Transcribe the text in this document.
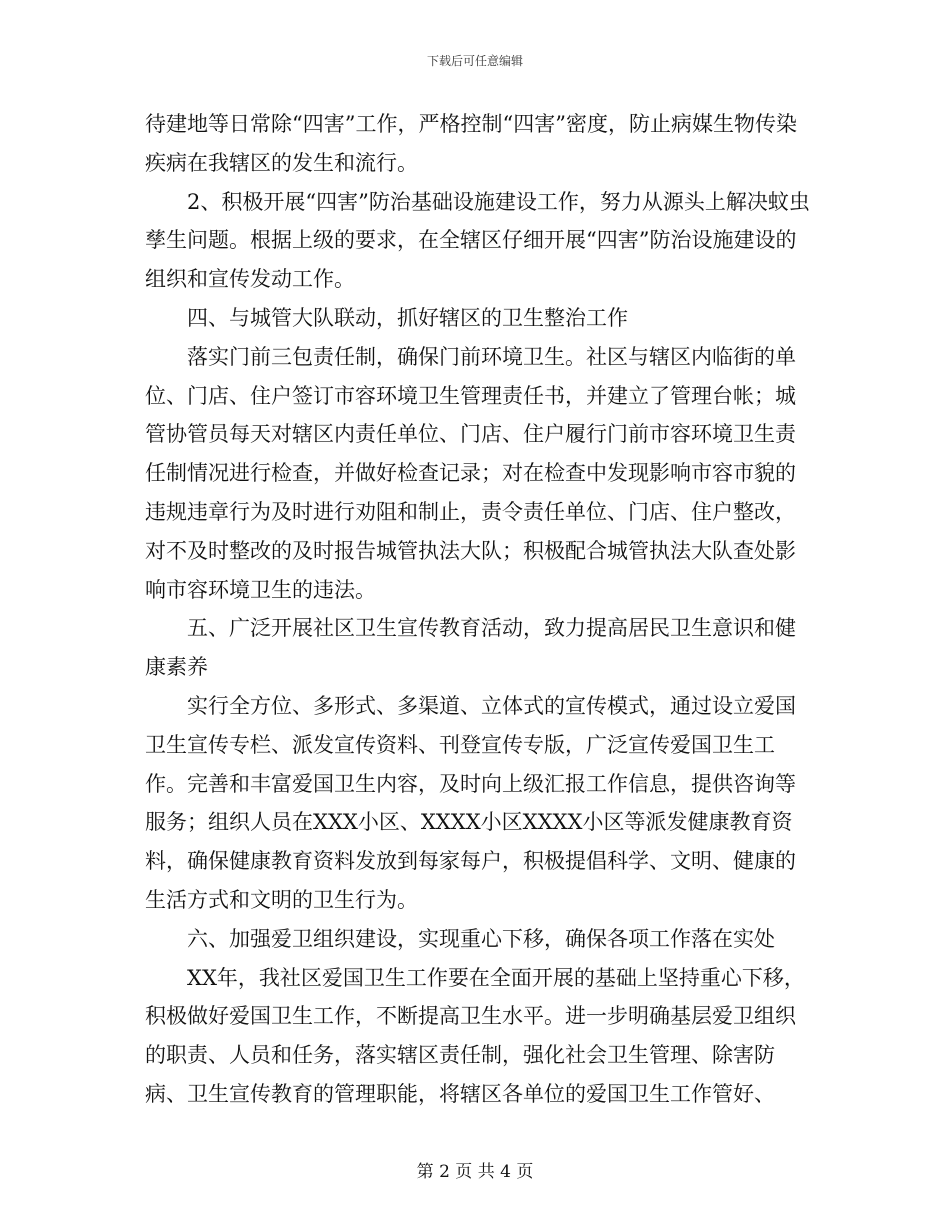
下载后可任意编辑

待建地等日常除“四害”工作，严格控制“四害”密度，防止病媒生物传染疾病在我辖区的发生和流行。

2、积极开展“四害”防治基础设施建设工作，努力从源头上解决蚊虫孳生问题。根据上级的要求，在全辖区仔细开展“四害”防治设施建设的组织和宣传发动工作。

四、与城管大队联动，抓好辖区的卫生整治工作

落实门前三包责任制，确保门前环境卫生。社区与辖区内临街的单位、门店、住户签订市容环境卫生管理责任书，并建立了管理台帐；城管协管员每天对辖区内责任单位、门店、住户履行门前市容环境卫生责任制情况进行检查，并做好检查记录；对在检查中发现影响市容市貌的违规违章行为及时进行劝阻和制止，责令责任单位、门店、住户整改，对不及时整改的及时报告城管执法大队；积极配合城管执法大队查处影响市容环境卫生的违法。

五、广泛开展社区卫生宣传教育活动，致力提高居民卫生意识和健康素养

实行全方位、多形式、多渠道、立体式的宣传模式，通过设立爱国卫生宣传专栏、派发宣传资料、刊登宣传专版，广泛宣传爱国卫生工作。完善和丰富爱国卫生内容，及时向上级汇报工作信息，提供咨询等服务；组织人员在XXX小区、XXXX小区XXXX小区等派发健康教育资料，确保健康教育资料发放到每家每户，积极提倡科学、文明、健康的生活方式和文明的卫生行为。

六、加强爱卫组织建设，实现重心下移，确保各项工作落在实处

XX年，我社区爱国卫生工作要在全面开展的基础上坚持重心下移，积极做好爱国卫生工作，不断提高卫生水平。进一步明确基层爱卫组织的职责、人员和任务，落实辖区责任制，强化社会卫生管理、除害防病、卫生宣传教育的管理职能，将辖区各单位的爱国卫生工作管好、

第 2 页 共 4 页
